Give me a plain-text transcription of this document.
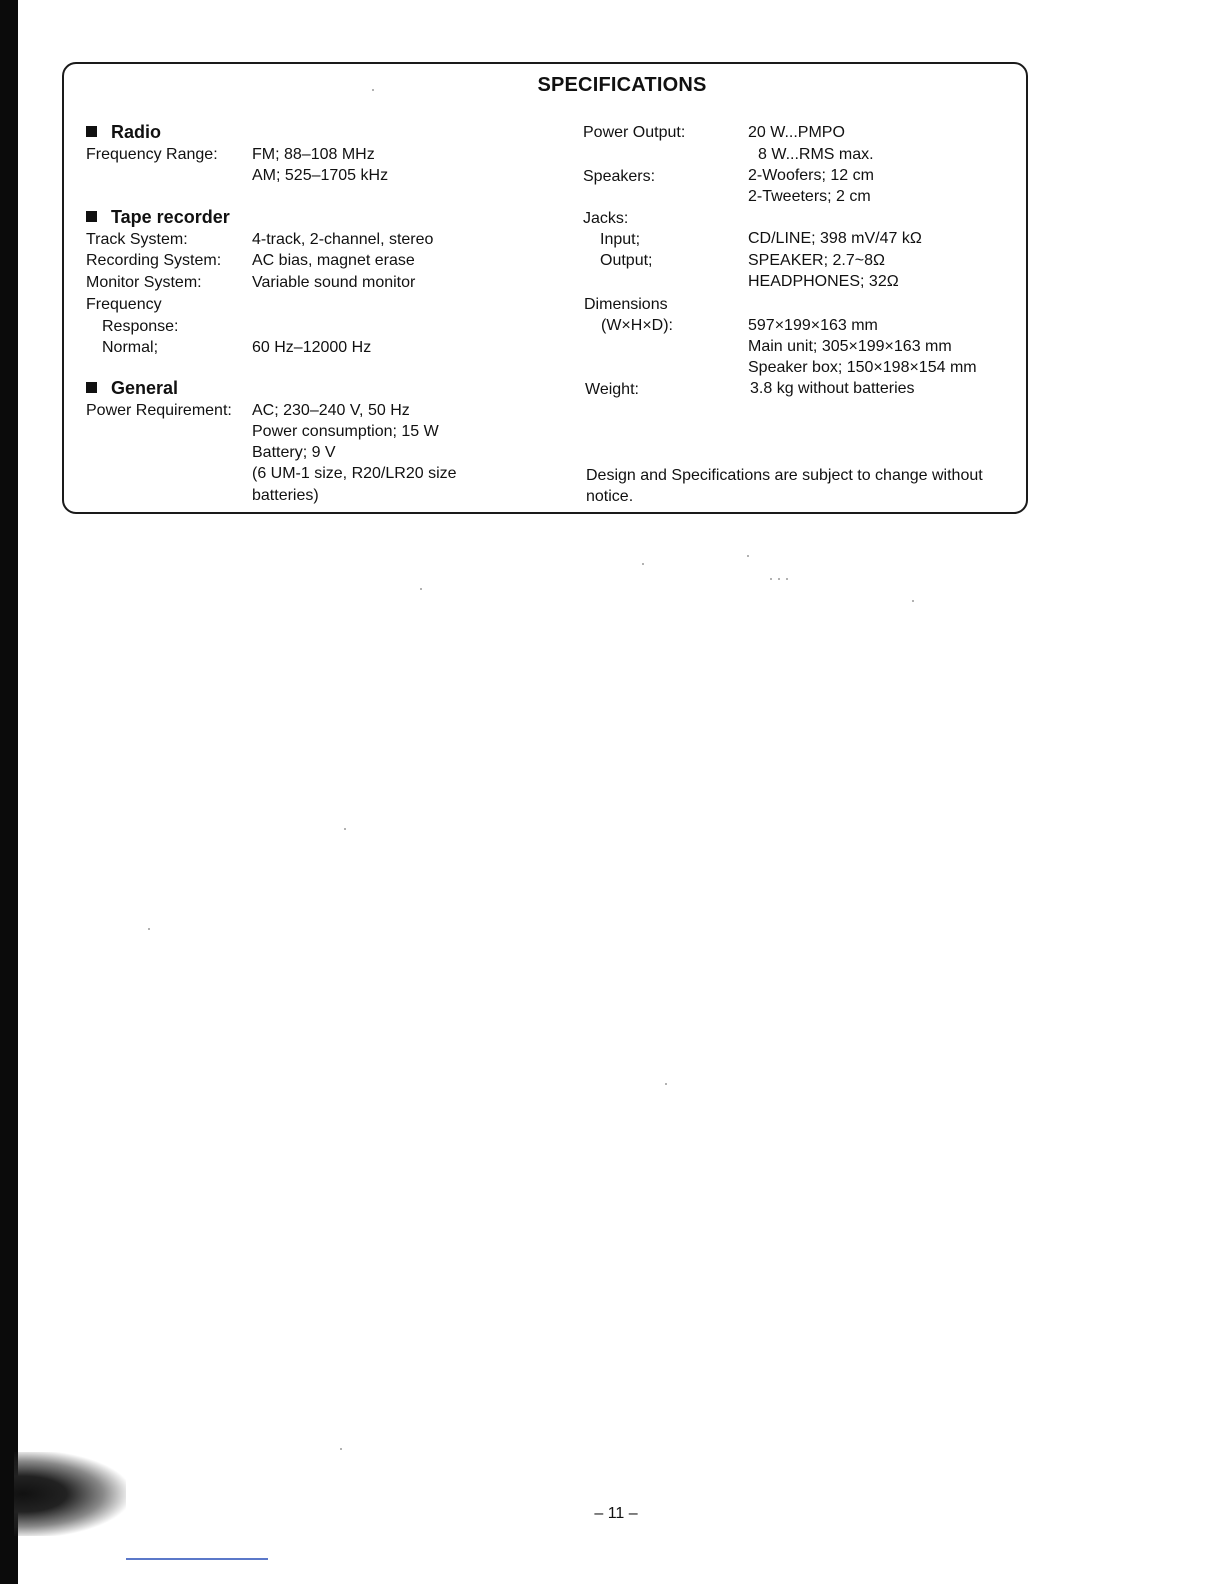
SPECIFICATIONS
Radio
Frequency Range: FM; 88–108 MHz
AM; 525–1705 kHz
Tape recorder
Track System:	4-track, 2-channel, stereo
Recording System: AC bias, magnet erase
Monitor System:	Variable sound monitor
Frequency
Response:
Normal;	60 Hz–12000 Hz
General
Power Requirement: AC; 230–240 V, 50 Hz
Power consumption; 15 W
Battery; 9 V
(6 UM-1 size, R20/LR20 size
batteries)
Power Output:	20 W...PMPO
8 W...RMS max.
Speakers:	2-Woofers; 12 cm
2-Tweeters; 2 cm
Jacks:
Input;	CD/LINE; 398 mV/47 kΩ
Output;	SPEAKER; 2.7~8Ω
HEADPHONES; 32Ω
Dimensions
(W×H×D):	597×199×163 mm
Main unit; 305×199×163 mm
Speaker box; 150×198×154 mm
Weight:	3.8 kg without batteries
Design and Specifications are subject to change without notice.
– 11 –
